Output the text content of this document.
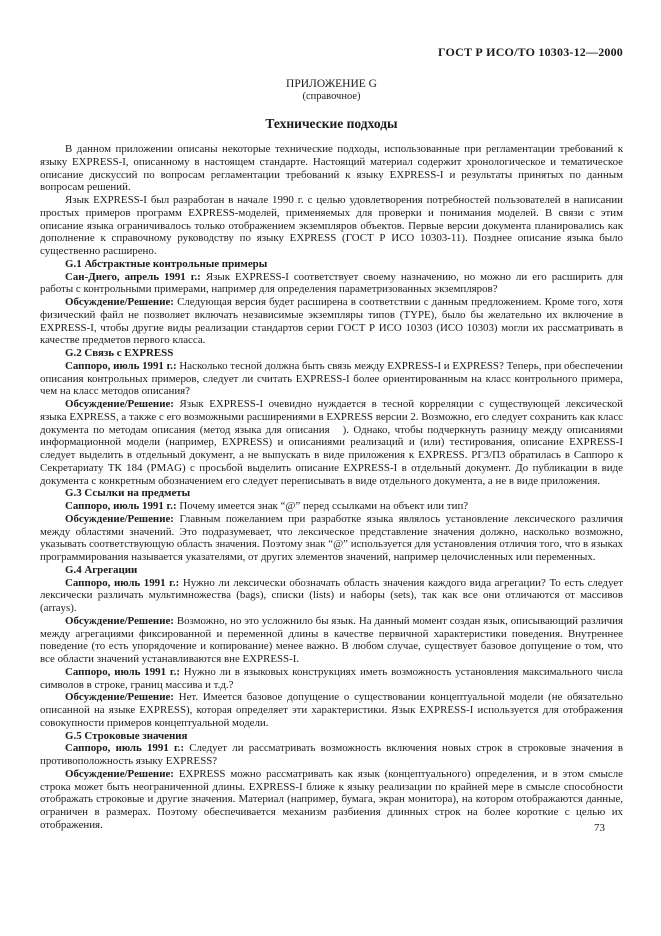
ГОСТ Р ИСО/ТО 10303-12—2000
ПРИЛОЖЕНИЕ G
(справочное)
Технические подходы

В данном приложении описаны некоторые технические подходы, использованные при регламентации требований к языку EXPRESS-I, описанному в настоящем стандарте. Настоящий материал содержит хронологическое и тематическое описание дискуссий по вопросам регламентации требований к языку EXPRESS-I и результаты принятых по данным вопросам решений.

Язык EXPRESS-I был разработан в начале 1990 г. с целью удовлетворения потребностей пользователей в написании простых примеров программ EXPRESS-моделей, применяемых для проверки и понимания моделей. В связи с этим описание языка ограничивалось только отображением экземпляров объектов. Первые версии документа планировались как дополнение к справочному руководству по языку EXPRESS (ГОСТ Р ИСО 10303-11). Позднее описание языка было существенно расширено.

G.1 Абстрактные контрольные примеры

Сан-Диего, апрель 1991 г.: Язык EXPRESS-I соответствует своему назначению, но можно ли его расширить для работы с контрольными примерами, например для определения параметризованных экземпляров?

Обсуждение/Решение: Следующая версия будет расширена в соответствии с данным предложением. Кроме того, хотя физический файл не позволяет включать независимые экземпляры типов (TYPE), было бы желательно их включение в EXPRESS-I, чтобы другие виды реализации стандартов серии ГОСТ Р ИСО 10303 (ИСО 10303) могли их рассматривать в качестве предметов первого класса.

G.2 Связь с EXPRESS

Саппоро, июль 1991 г.: Насколько тесной должна быть связь между EXPRESS-I и EXPRESS? Теперь, при обеспечении описания контрольных примеров, следует ли считать EXPRESS-I более ориентированным на класс контрольного примера, чем на класс методов описания?

Обсуждение/Решение: Язык EXPRESS-I очевидно нуждается в тесной корреляции с существующей лексической языка EXPRESS, а также с его возможными расширениями в EXPRESS версии 2. Возможно, его следует сохранить как класс документа по методам описания (метод языка для описания   ). Однако, чтобы подчеркнуть разницу между описаниями информационной модели (например, EXPRESS) и описаниями реализаций и (или) тестирования, описание EXPRESS-I следует выделить в отдельный документ, а не выпускать в виде приложения к EXPRESS. РГ3/П3 обратилась в Саппоро к Секретариату ТК 184 (PMAG) с просьбой выделить описание EXPRESS-I в отдельный документ. До публикации в виде документа с конкретным обозначением его следует переписывать в виде отдельного документа, а не в виде приложения.

G.3 Ссылки на предметы

Саппоро, июль 1991 г.: Почему имеется знак “@” перед ссылками на объект или тип?

Обсуждение/Решение: Главным пожеланием при разработке языка являлось установление лексического различия между областями значений. Это подразумевает, что лексическое представление значения должно, насколько возможно, указывать соответствующую область значения. Поэтому знак “@” используется для установления отличия того, что в языках программирования называется указателями, от других элементов значений, например целочисленных или переменных.

G.4 Агрегации

Саппоро, июль 1991 г.: Нужно ли лексически обозначать область значения каждого вида агрегации? То есть следует лексически различать мультимножества (bags), списки (lists) и наборы (sets), так как все они отличаются от массивов (arrays).

Обсуждение/Решение: Возможно, но это усложнило бы язык. На данный момент создан язык, описывающий различия между агрегациями фиксированной и переменной длины в качестве первичной характеристики поведения. Внутреннее поведение (то есть упорядочение и копирование) менее важно. В любом случае, существует базовое допущение о том, что все области значений устанавливаются вне EXPRESS-I.

Саппоро, июль 1991 г.: Нужно ли в языковых конструкциях иметь возможность установления максимального числа символов в строке, границ массива и т.д.?

Обсуждение/Решение: Нет. Имеется базовое допущение о существовании концептуальной модели (не обязательно описанной на языке EXPRESS), которая определяет эти характеристики. Язык EXPRESS-I используется для отображения совокупности примеров концептуальной модели.

G.5 Строковые значения

Саппоро, июль 1991 г.: Следует ли рассматривать возможность включения новых строк в строковые значения в противоположность языку EXPRESS?

Обсуждение/Решение: EXPRESS можно рассматривать как язык (концептуального) определения, и в этом смысле строка может быть неограниченной длины. EXPRESS-I ближе к языку реализации по крайней мере в смысле способности отображать строковые и другие значения. Материал (например, бумага, экран монитора), на котором отображаются данные, ограничен в размерах. Поэтому обеспечивается механизм разбиения длинных строк на более короткие с целью их отображения.	73
